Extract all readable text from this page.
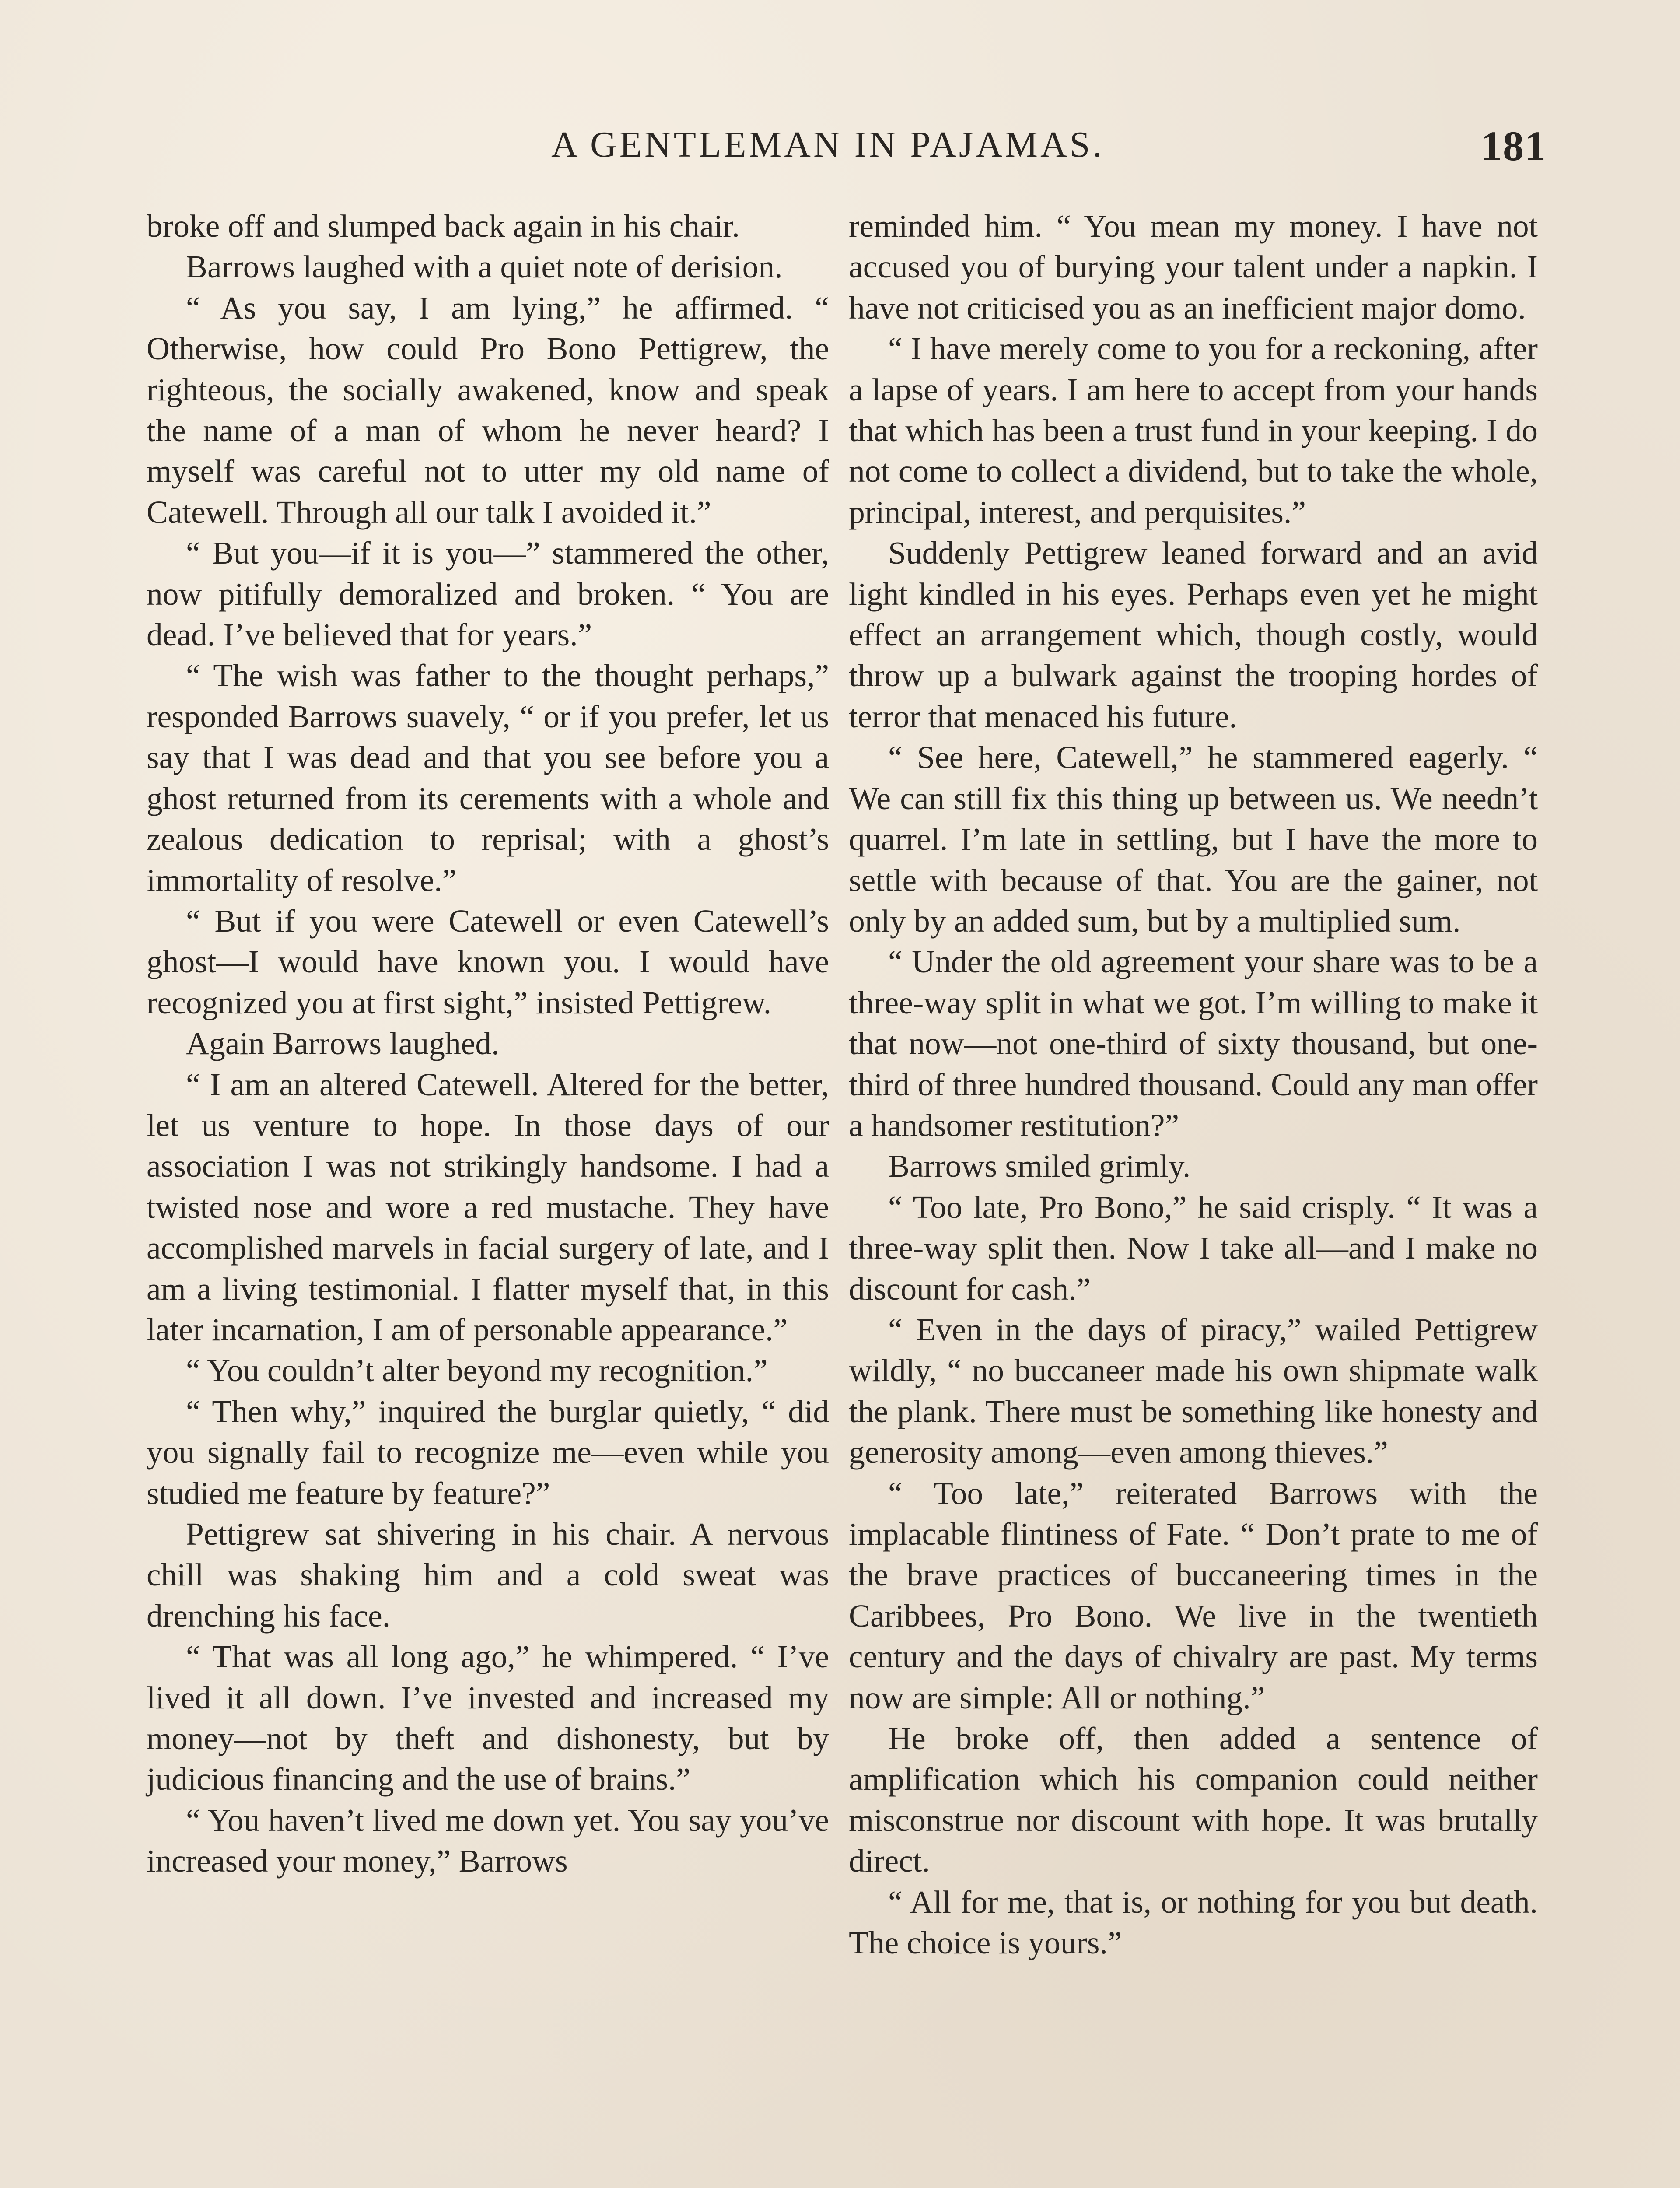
A GENTLEMAN IN PAJAMAS.	181

broke off and slumped back again in his chair.

Barrows laughed with a quiet note of derision.

“ As you say, I am lying,” he affirmed. “ Otherwise, how could Pro Bono Pettigrew, the righteous, the socially awakened, know and speak the name of a man of whom he never heard? I myself was careful not to utter my old name of Catewell. Through all our talk I avoided it.”

“ But you—if it is you—” stammered the other, now pitifully demoralized and broken. “ You are dead. I’ve believed that for years.”

“ The wish was father to the thought perhaps,” responded Barrows suavely, “ or if you prefer, let us say that I was dead and that you see before you a ghost returned from its cerements with a whole and zealous dedication to reprisal; with a ghost’s immortality of resolve.”

“ But if you were Catewell or even Catewell’s ghost—I would have known you. I would have recognized you at first sight,” insisted Pettigrew.

Again Barrows laughed.

“ I am an altered Catewell. Altered for the better, let us venture to hope. In those days of our association I was not strikingly handsome. I had a twisted nose and wore a red mustache. They have accomplished marvels in facial surgery of late, and I am a living testimonial. I flatter myself that, in this later incarnation, I am of personable appearance.”

“ You couldn’t alter beyond my recognition.”

“ Then why,” inquired the burglar quietly, “ did you signally fail to recognize me—even while you studied me feature by feature?”

Pettigrew sat shivering in his chair. A nervous chill was shaking him and a cold sweat was drenching his face.

“ That was all long ago,” he whimpered. “ I’ve lived it all down. I’ve invested and increased my money—not by theft and dishonesty, but by judicious financing and the use of brains.”

“ You haven’t lived me down yet. You say you’ve increased your money,” Barrows

reminded him. “ You mean my money. I have not accused you of burying your talent under a napkin. I have not criticised you as an inefficient major domo.

“ I have merely come to you for a reckoning, after a lapse of years. I am here to accept from your hands that which has been a trust fund in your keeping. I do not come to collect a dividend, but to take the whole, principal, interest, and perquisites.”

Suddenly Pettigrew leaned forward and an avid light kindled in his eyes. Perhaps even yet he might effect an arrangement which, though costly, would throw up a bulwark against the trooping hordes of terror that menaced his future.

“ See here, Catewell,” he stammered eagerly. “ We can still fix this thing up between us. We needn’t quarrel. I’m late in settling, but I have the more to settle with because of that. You are the gainer, not only by an added sum, but by a multiplied sum.

“ Under the old agreement your share was to be a three-way split in what we got. I’m willing to make it that now—not one-third of sixty thousand, but one-third of three hundred thousand. Could any man offer a handsomer restitution?”

Barrows smiled grimly.

“ Too late, Pro Bono,” he said crisply. “ It was a three-way split then. Now I take all—and I make no discount for cash.”

“ Even in the days of piracy,” wailed Pettigrew wildly, “ no buccaneer made his own shipmate walk the plank. There must be something like honesty and generosity among—even among thieves.”

“ Too late,” reiterated Barrows with the implacable flintiness of Fate. “ Don’t prate to me of the brave practices of buccaneering times in the Caribbees, Pro Bono. We live in the twentieth century and the days of chivalry are past. My terms now are simple: All or nothing.”

He broke off, then added a sentence of amplification which his companion could neither misconstrue nor discount with hope. It was brutally direct.

“ All for me, that is, or nothing for you but death. The choice is yours.”
